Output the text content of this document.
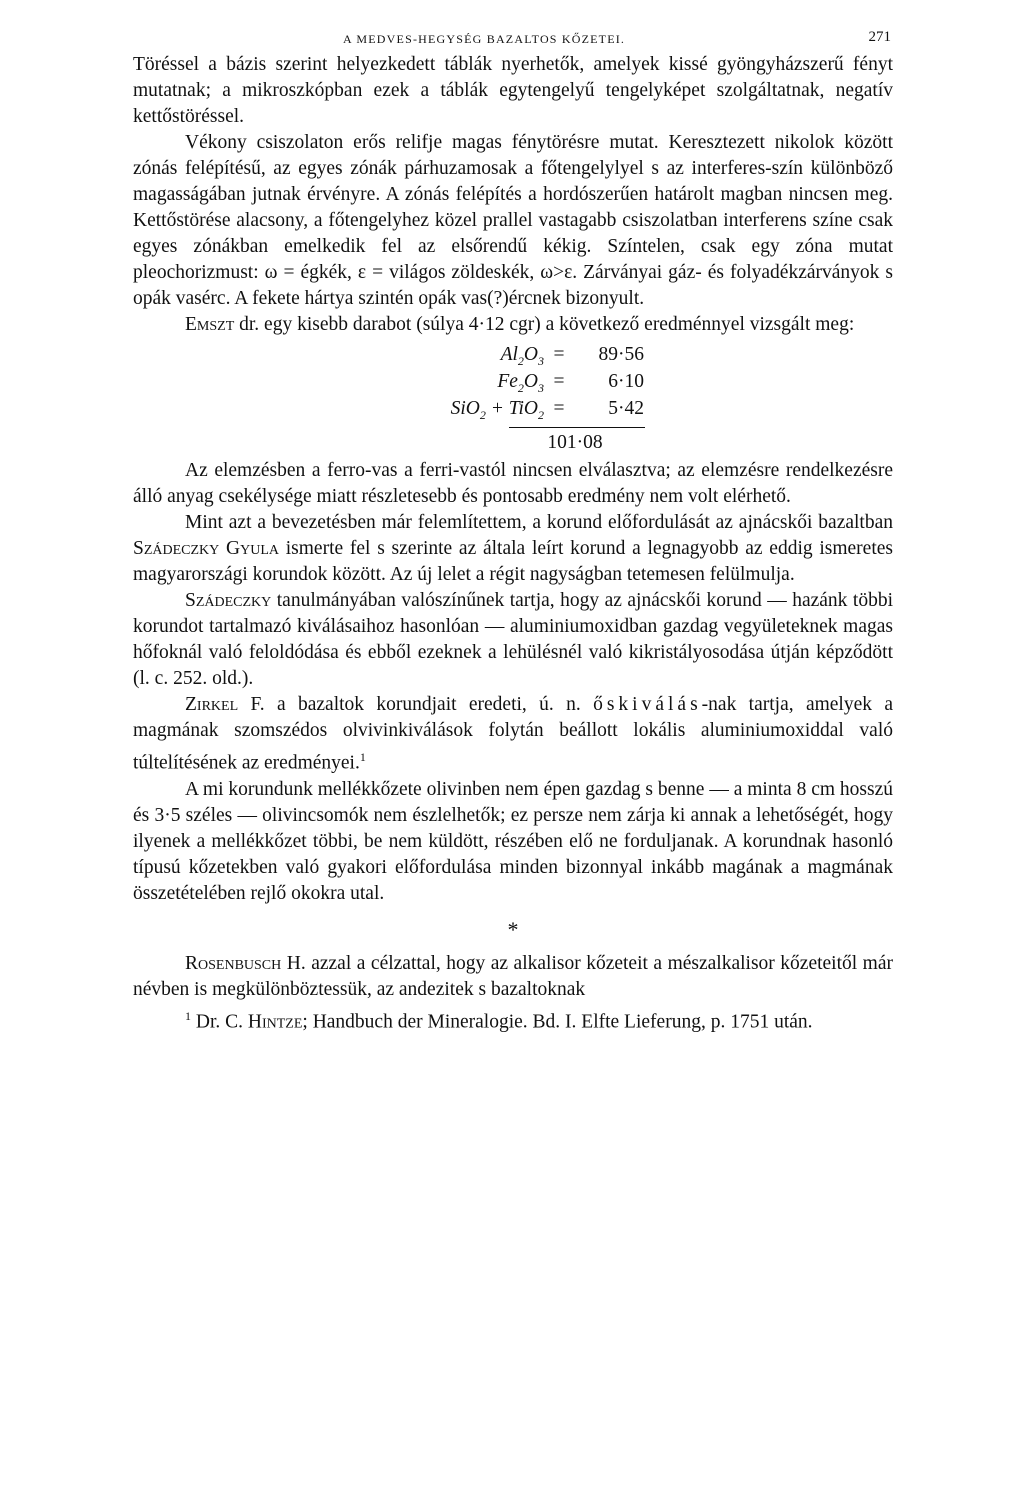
A MEDVES-HEGYSÉG BAZALTOS KŐZETEI.	271

Töréssel a bázis szerint helyezkedett táblák nyerhetők, amelyek kissé gyöngyházszerű fényt mutatnak; a mikroszkópban ezek a táblák egytengelyű tengelyképet szolgáltatnak, negatív kettőstöréssel.

Vékony csiszolaton erős relifje magas fénytörésre mutat. Keresztezett nikolok között zónás felépítésű, az egyes zónák párhuzamosak a főtengelylyel s az interferes-szín különböző magasságában jutnak érvényre. A zónás felépítés a hordószerűen határolt magban nincsen meg. Kettőstörése alacsony, a főtengelyhez közel prallel vastagabb csiszolatban interferens színe csak egyes zónákban emelkedik fel az elsőrendű kékig. Színtelen, csak egy zóna mutat pleochorizmust: ω = égkék, ε = világos zöldeskék, ω>ε. Zárványai gáz- és folyadékzárványok s opák vasérc. A fekete hártya szintén opák vas(?)ércnek bizonyult.

Emszt dr. egy kisebb darabot (súlya 4·12 cgr) a következő eredménnyel vizsgált meg:

$Al_2O_3$ =	89·56
$Fe_2O_3$ =	6·10
SiO$_2$ + TiO$_2$ =	5·42
101·08

Az elemzésben a ferro-vas a ferri-vastól nincsen elválasztva; az elemzésre rendelkezésre álló anyag csekélysége miatt részletesebb és pontosabb eredmény nem volt elérhető.

Mint azt a bevezetésben már felemlítettem, a korund előfordulását az ajnácskői bazaltban Szádeczky Gyula ismerte fel s szerinte az általa leírt korund a legnagyobb az eddig ismeretes magyarországi korundok között. Az új lelet a régit nagyságban tetemesen felülmulja.

Szádeczky tanulmányában valószínűnek tartja, hogy az ajnácskői korund — hazánk többi korundot tartalmazó kiválásaihoz hasonlóan — aluminiumoxidban gazdag vegyületeknek magas hőfoknál való feloldódása és ebből ezeknek a lehülésnél való kikristályosodása útján képződött (l. c. 252. old.).

Zirkel F. a bazaltok korundjait eredeti, ú. n. őskiválás-nak tartja, amelyek a magmának szomszédos olvivinkiválások folytán beállott lokális aluminiumoxiddal való túltelítésének az eredményei.$^1$

A mi korundunk mellékkőzete olivinben nem épen gazdag s benne — a minta 8 cm hosszú és 3·5 széles — olivincsomók nem észlelhetők; ez persze nem zárja ki annak a lehetőségét, hogy ilyenek a mellékkőzet többi, be nem küldött, részében elő ne forduljanak. A korundnak hasonló típusú kőzetekben való gyakori előfordulása minden bizonnyal inkább magának a magmának összetételében rejlő okokra utal.

*

Rosenbusch H. azzal a célzattal, hogy az alkalisor kőzeteit a mészalkalisor kőzeteitől már névben is megkülönböztessük, az andezitek s bazaltoknak

$^1$ Dr. C. Hintze; Handbuch der Mineralogie. Bd. I. Elfte Lieferung, p. 1751 után.
